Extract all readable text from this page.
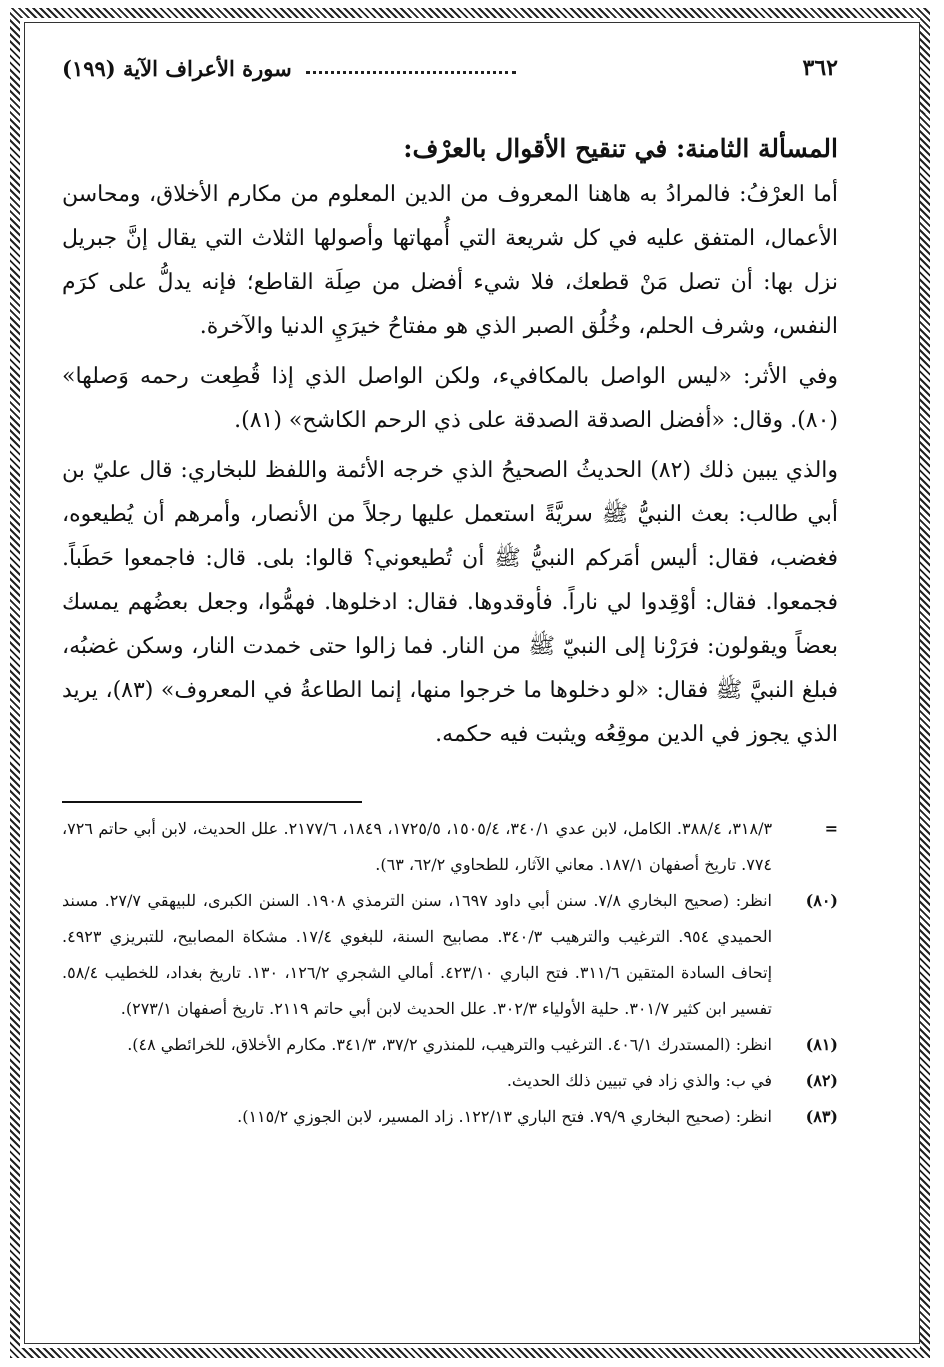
٣٦٢
سورة الأعراف الآية (١٩٩)
المسألة الثامنة: في تنقيح الأقوال بالعرْف:

أما العرْفُ: فالمرادُ به هاهنا المعروف من الدين المعلوم من مكارم الأخلاق، ومحاسن الأعمال، المتفق عليه في كل شريعة التي أُمهاتها وأصولها الثلاث التي يقال إنَّ جبريل نزل بها: أن تصل مَنْ قطعك، فلا شيء أفضل من صِلَة القاطع؛ فإنه يدلُّ على كرَم النفس، وشرف الحلم، وخُلُق الصبر الذي هو مفتاحُ خيرَيِ الدنيا والآخرة.

وفي الأثر: «ليس الواصل بالمكافيء، ولكن الواصل الذي إذا قُطِعت رحمه وَصلها» (٨٠). وقال: «أفضل الصدقة الصدقة على ذي الرحم الكاشح» (٨١).

والذي يبين ذلك (٨٢) الحديثُ الصحيحُ الذي خرجه الأئمة واللفظ للبخاري: قال عليّ بن أبي طالب: بعث النبيُّ ﷺ سريَّةً استعمل عليها رجلاً من الأنصار، وأمرهم أن يُطيعوه، فغضب، فقال: أليس أمَركم النبيُّ ﷺ أن تُطيعوني؟ قالوا: بلى. قال: فاجمعوا حَطَباً. فجمعوا. فقال: أوْقِدوا لي ناراً. فأوقدوها. فقال: ادخلوها. فهمُّوا، وجعل بعضُهم يمسك بعضاً ويقولون: فرَرْنا إلى النبيّ ﷺ من النار. فما زالوا حتى خمدت النار، وسكن غضبُه، فبلغ النبيَّ ﷺ فقال: «لو دخلوها ما خرجوا منها، إنما الطاعةُ في المعروف» (٨٣)، يريد الذي يجوز في الدين موقِعُه ويثبت فيه حكمه.

=
٣١٨/٣، ٣٨٨/٤. الكامل، لابن عدي ٣٤٠/١، ١٥٠٥/٤، ١٧٢٥/٥، ١٨٤٩، ٢١٧٧/٦. علل الحديث، لابن أبي حاتم ٧٢٦، ٧٧٤. تاريخ أصفهان ١٨٧/١. معاني الآثار، للطحاوي ٦٢/٢، ٦٣).
(٨٠)
انظر: (صحيح البخاري ٧/٨. سنن أبي داود ١٦٩٧، سنن الترمذي ١٩٠٨. السنن الكبرى، للبيهقي ٢٧/٧. مسند الحميدي ٩٥٤. الترغيب والترهيب ٣٤٠/٣. مصابيح السنة، للبغوي ١٧/٤. مشكاة المصابيح، للتبريزي ٤٩٢٣. إتحاف السادة المتقين ٣١١/٦. فتح الباري ٤٢٣/١٠. أمالي الشجري ١٢٦/٢، ١٣٠. تاريخ بغداد، للخطيب ٥٨/٤. تفسير ابن كثير ٣٠١/٧. حلية الأولياء ٣٠٢/٣. علل الحديث لابن أبي حاتم ٢١١٩. تاريخ أصفهان ٢٧٣/١).
(٨١)
انظر: (المستدرك ٤٠٦/١. الترغيب والترهيب، للمنذري ٣٧/٢، ٣٤١/٣. مكارم الأخلاق، للخرائطي ٤٨).
(٨٢)
في ب: والذي زاد في تبيين ذلك الحديث.
(٨٣)
انظر: (صحيح البخاري ٧٩/٩. فتح الباري ١٢٢/١٣. زاد المسير، لابن الجوزي ١١٥/٢).
